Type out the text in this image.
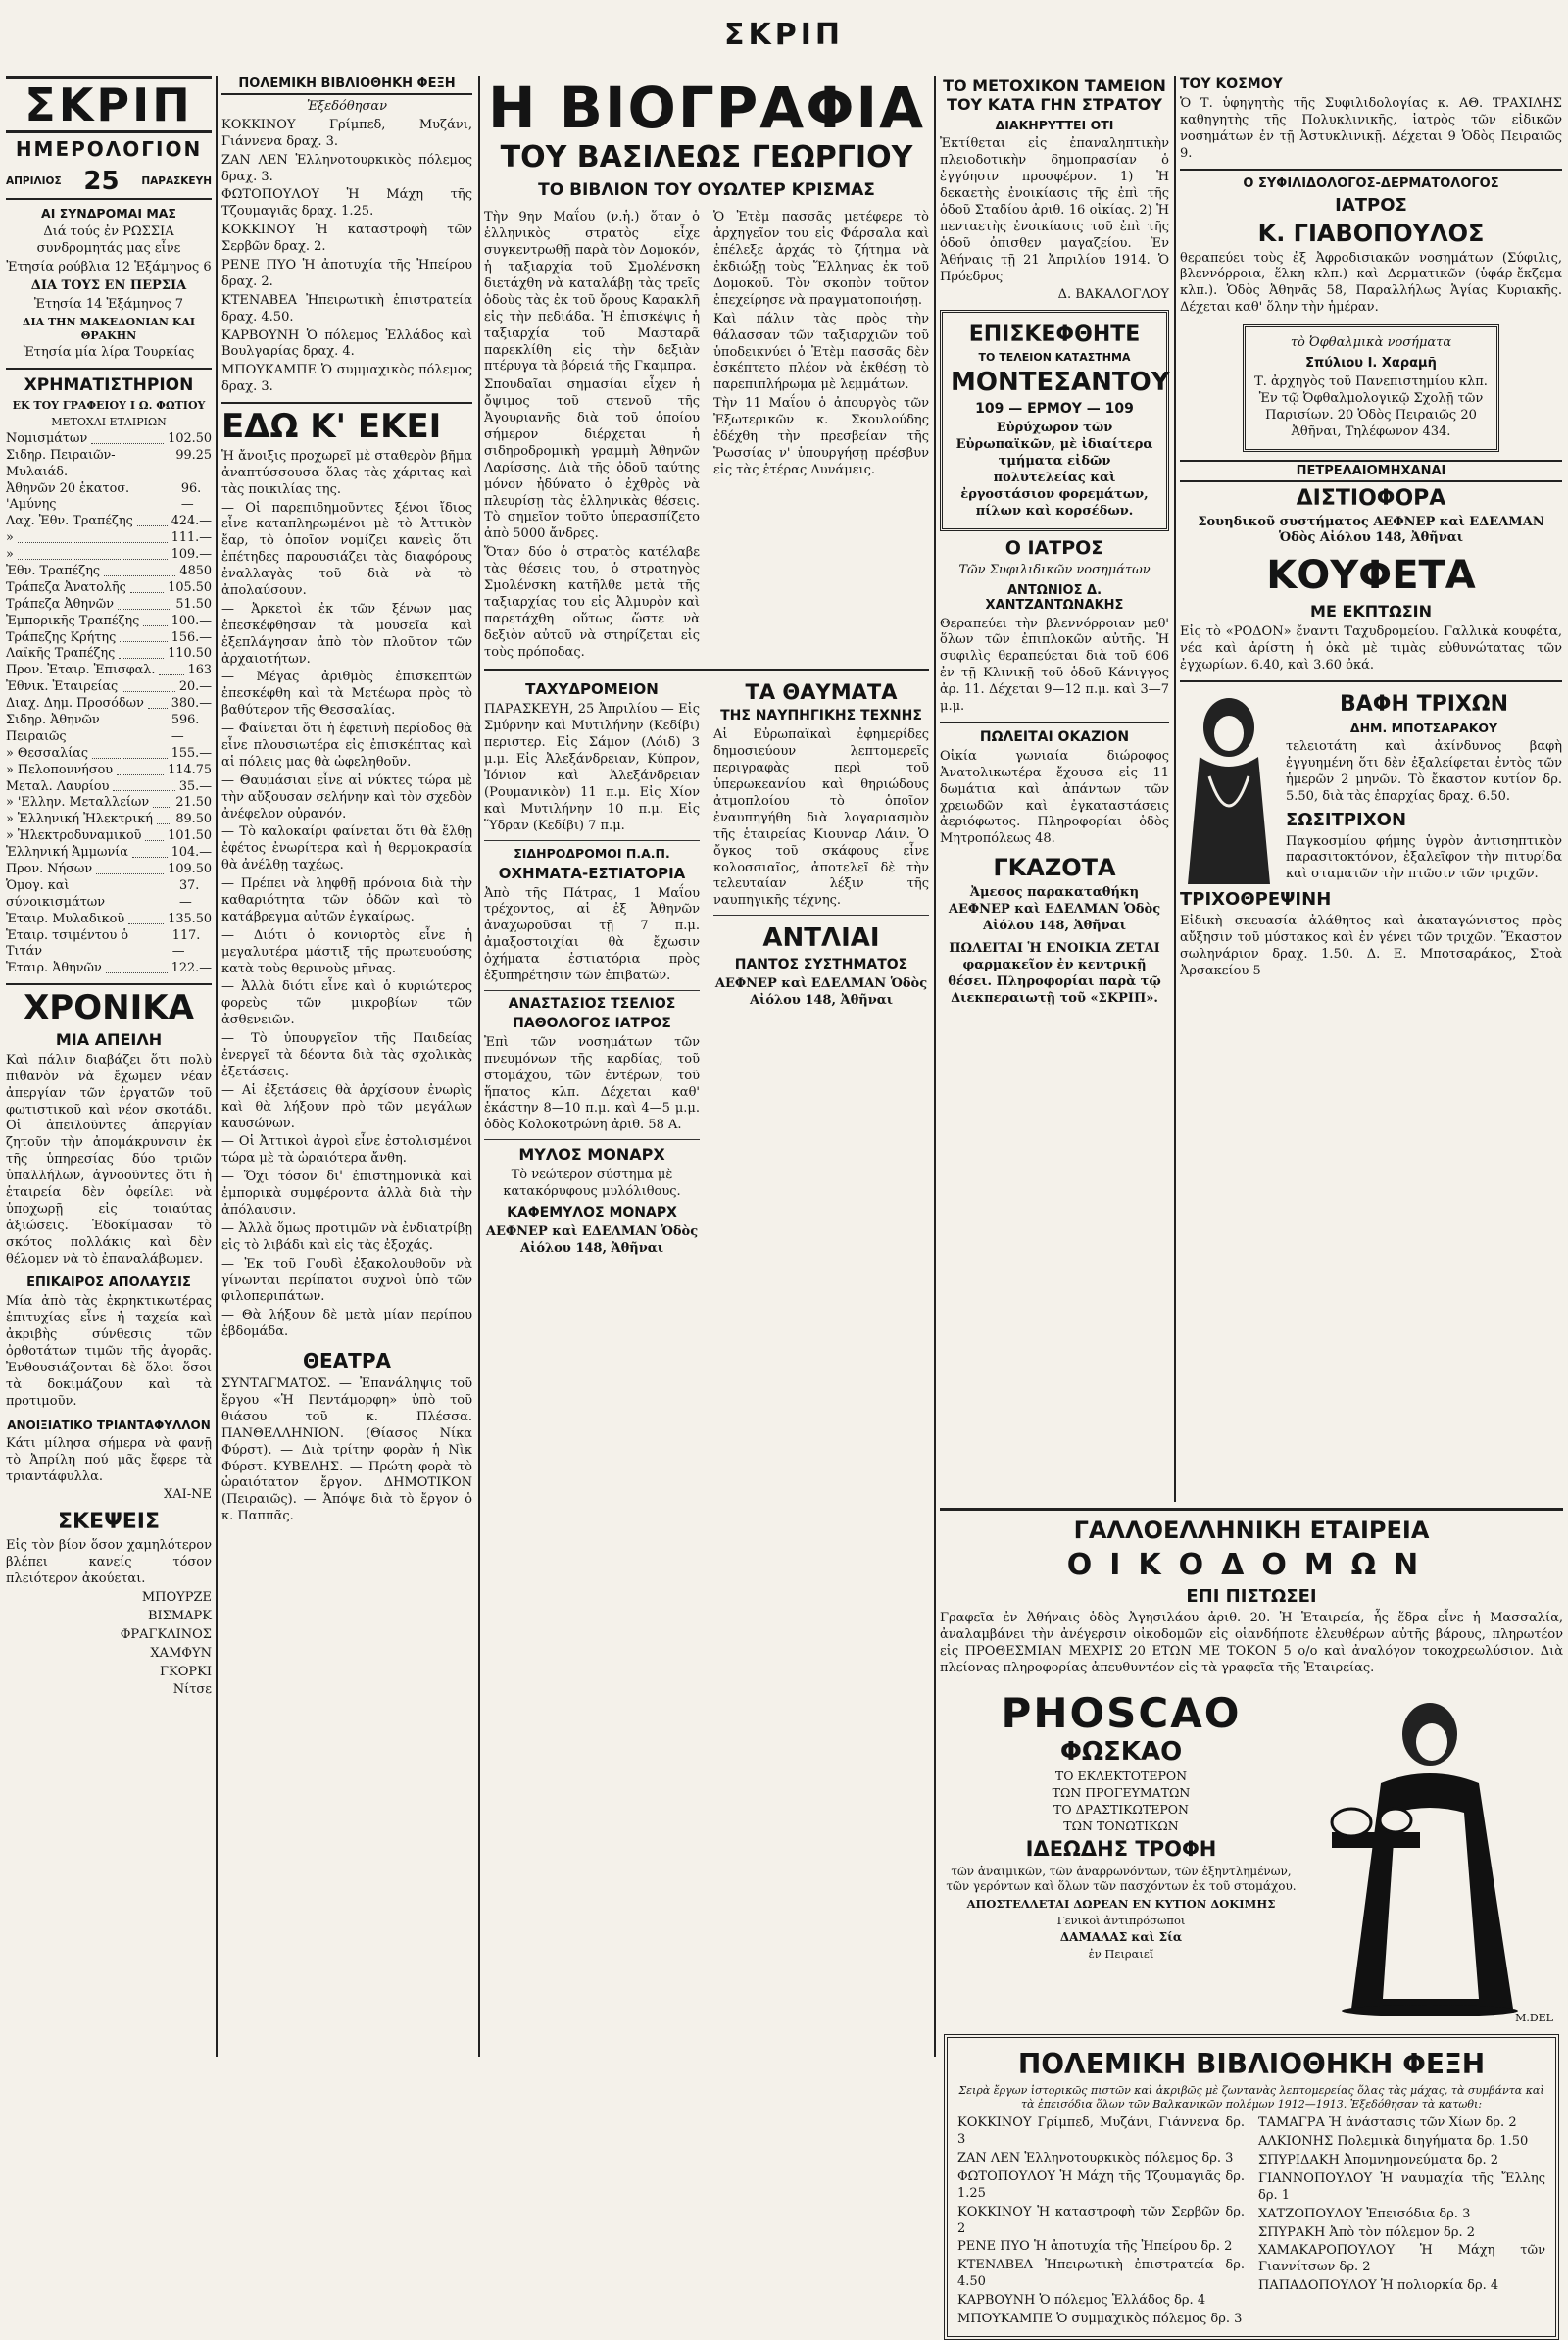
ΣΚΡΙΠ
ΣΚΡΙΠ
ΗΜΕΡΟΛΟΓΙΟΝ
ΑΠΡΙΛΙΟΣ 25 ΠΑΡΑΣΚΕΥΗ
ΑΙ ΣΥΝΔΡΟΜΑΙ ΜΑΣ
Διά τούς ἐν ΡΩΣΣΙΑ συνδρομητάς μας εἶνε
Ἐτησία ρούβλια 12 Ἑξάμηνος 6
ΔΙΑ ΤΟΥΣ ΕΝ ΠΕΡΣΙΑ
Ἐτησία 14 Ἑξάμηνος 7
ΔΙΑ ΤΗΝ ΜΑΚΕΔΟΝΙΑΝ ΚΑΙ ΘΡΑΚΗΝ
Ἐτησία μία λίρα Τουρκίας
ΧΡΗΜΑΤΙΣΤΗΡΙΟΝ
ΕΚ ΤΟΥ ΓΡΑΦΕΙΟΥ Ι Ω. ΦΩΤΙΟΥ
ΜΕΤΟΧΑΙ ΕΤΑΙΡΙΩΝ
Νομισμάτων	102.50
Σιδηρ. Πειραιῶν-Μυλαιάδ.
99.25
Ἀθηνῶν 20 ἑκατοσ. 'Αμύνης
96.—
Λαχ. Ἐθν. Τραπέζης	424.—
»	111.—
»	109.—
Ἐθν. Τραπέζης	4850
Τράπεζα Ἀνατολῆς	105.50
Τράπεζα Ἀθηνῶν	51.50
Ἐμπορικῆς Τραπέζης	100.—
Τράπεζης Κρήτης	156.—
Λαϊκῆς Τραπέζης	110.50
Προν. Ἐταιρ. Ἐπισφαλ.	163
Ἐθνικ. Ἐταιρείας	20.—
Διαχ. Δημ. Προσόδων 380.—
Σιδηρ. Ἀθηνῶν Πειραιῶς
596.—
» Θεσσαλίας	155.—
» Πελοποννήσου	114.75
Μεταλ. Λαυρίου	35.—
» 'Ελλην. Μεταλλείων 21.50
» Ἑλληνική Ἠλεκτρική 89.50
» Ἠλεκτροδυναμικοῦ 101.50
Ἑλληνική Ἀμμωνία	104.—
Προν. Νήσων	109.50
Ὁμογ. καὶ σύνοικισμάτων
37.—
Ἐταιρ. Μυλαδικοῦ	135.50
Ἑταιρ. τσιμέντου ὁ Τιτάν
117.—
Ἑταιρ. Ἀθηνῶν	122.—
ΧΡΟΝΙΚΑ
ΜΙΑ ΑΠΕΙΛΗ
Καὶ πάλιν διαβάζει ὅτι πολὺ πιθανὸν νὰ ἔχωμεν νέαν ἀπεργίαν τῶν ἐργατῶν τοῦ φωτιστικοῦ καὶ νέον σκοτάδι. Οἱ ἀπειλοῦντες ἀπεργίαν ζητοῦν τὴν ἀπομάκρυνσιν ἐκ τῆς ὑπηρεσίας δύο τριῶν ὑπαλλήλων, ἀγνοοῦντες ὅτι ἡ ἑταιρεία δὲν ὀφείλει νὰ ὑποχωρῇ εἰς τοιαύτας ἀξιώσεις. Ἐδοκίμασαν τὸ σκότος πολλάκις καὶ δὲν θέλομεν νὰ τὸ ἐπαναλάβωμεν.
ΕΠΙΚΑΙΡΟΣ ΑΠΟΛΑΥΣΙΣ
Μία ἀπὸ τὰς ἐκρηκτικωτέρας ἐπιτυχίας εἶνε ἡ ταχεία καὶ ἀκριβὴς σύνθεσις τῶν ὀρθοτάτων τιμῶν τῆς ἀγορᾶς. Ἐνθουσιάζονται δὲ ὅλοι ὅσοι τὰ δοκιμάζουν καὶ τὰ προτιμοῦν.
ΑΝΟΙΞΙΑΤΙΚΟ ΤΡΙΑΝΤΑΦΥΛΛΟΝ
Κάτι μίλησα σήμερα νὰ φανῇ τὸ Ἀπρίλη πού μᾶς ἔφερε τὰ τριαντάφυλλα.
ΧΑΙ-ΝΕ
ΣΚΕΨΕΙΣ
Εἰς τὸν βίον ὅσον χαμηλότερον βλέπει κανείς τόσον πλειότερον ἀκούεται.
ΜΠΟΥΡΖΕ
ΒΙΣΜΑΡΚ
ΦΡΑΓΚΛΙΝΟΣ
ΧΑΜΦΥΝ
ΓΚΟΡΚΙ
Νίτσε
ΠΟΛΕΜΙΚΗ ΒΙΒΛΙΟΘΗΚΗ ΦΕΞΗ
Ἐξεδόθησαν
ΚΟΚΚΙΝΟΥ Γρίμπεδ, Μυζάνι, Γιάννενα δραχ. 3.
ΖΑΝ ΛΕΝ Ἑλληνοτουρκικὸς πόλεμος δραχ. 3.
ΦΩΤΟΠΟΥΛΟΥ Ἡ Μάχη τῆς Τζουμαγιᾶς δραχ. 1.25.
ΚΟΚΚΙΝΟΥ Ἡ καταστροφὴ τῶν Σερβῶν δραχ. 2.
ΡΕΝΕ ΠΥΟ Ἡ ἀποτυχία τῆς Ἠπείρου δραχ. 2.
ΚΤΕΝΑΒΕΑ Ἠπειρωτικὴ ἐπιστρατεία δραχ. 4.50.
ΚΑΡΒΟΥΝΗ Ὁ πόλεμος Ἑλλάδος καὶ Βουλγαρίας δραχ. 4.
ΜΠΟΥΚΑΜΠΕ Ὁ συμμαχικὸς πόλεμος δραχ. 3.
ΕΔΩ Κ' ΕΚΕΙ
Ἡ ἄνοιξις προχωρεῖ μὲ σταθερὸν βῆμα ἀναπτύσσουσα ὅλας τὰς χάριτας καὶ τὰς ποικιλίας της.
— Οἱ παρεπιδημοῦντες ξένοι ἴδιος εἶνε καταπληρωμένοι μὲ τὸ Ἀττικὸν ἔαρ, τὸ ὁποῖον νομίζει κανεὶς ὅτι ἐπέτηδες παρουσιάζει τὰς διαφόρους ἐναλλαγὰς τοῦ διὰ νὰ τὸ ἀπολαύσουν.
— Ἀρκετοὶ ἐκ τῶν ξένων μας ἐπεσκέφθησαν τὰ μουσεῖα καὶ ἐξεπλάγησαν ἀπὸ τὸν πλοῦτον τῶν ἀρχαιοτήτων.
— Μέγας ἀριθμὸς ἐπισκεπτῶν ἐπεσκέφθη καὶ τὰ Μετέωρα πρὸς τὸ βαθύτερον τῆς Θεσσαλίας.
— Φαίνεται ὅτι ἡ ἐφετινὴ περίοδος θὰ εἶνε πλουσιωτέρα εἰς ἐπισκέπτας καὶ αἱ πόλεις μας θὰ ὠφεληθοῦν.
— Θαυμάσιαι εἶνε αἱ νύκτες τώρα μὲ τὴν αὔξουσαν σελήνην καὶ τὸν σχεδὸν ἀνέφελον οὐρανόν.
— Τὸ καλοκαίρι φαίνεται ὅτι θὰ ἔλθῃ ἐφέτος ἐνωρίτερα καὶ ἡ θερμοκρασία θὰ ἀνέλθῃ ταχέως.
— Πρέπει νὰ ληφθῇ πρόνοια διὰ τὴν καθαριότητα τῶν ὁδῶν καὶ τὸ κατάβρεγμα αὐτῶν ἐγκαίρως.
— Διότι ὁ κονιορτὸς εἶνε ἡ μεγαλυτέρα μάστιξ τῆς πρωτευούσης κατὰ τοὺς θερινοὺς μῆνας.
— Ἀλλὰ διότι εἶνε καὶ ὁ κυριώτερος φορεὺς τῶν μικροβίων τῶν ἀσθενειῶν.
— Τὸ ὑπουργεῖον τῆς Παιδείας ἐνεργεῖ τὰ δέοντα διὰ τὰς σχολικὰς ἐξετάσεις.
— Αἱ ἐξετάσεις θὰ ἀρχίσουν ἐνωρὶς καὶ θὰ λήξουν πρὸ τῶν μεγάλων καυσώνων.
— Οἱ Ἀττικοὶ ἀγροὶ εἶνε ἐστολισμένοι τώρα μὲ τὰ ὡραιότερα ἄνθη.
— Ὅχι τόσον δι' ἐπιστημονικὰ καὶ ἐμπορικὰ συμφέροντα ἀλλὰ διὰ τὴν ἀπόλαυσιν.
— Ἀλλὰ ὅμως προτιμῶν νὰ ἐνδιατρίβῃ εἰς τὸ λιβάδι καὶ εἰς τὰς ἐξοχάς.
— Ἐκ τοῦ Γουδὶ ἐξακολουθοῦν νὰ γίνωνται περίπατοι συχνοὶ ὑπὸ τῶν φιλοπεριπάτων.
— Θὰ λήξουν δὲ μετὰ μίαν περίπου ἑβδομάδα.
ΘΕΑΤΡΑ
ΣΥΝΤΑΓΜΑΤΟΣ. — Ἐπανάληψις τοῦ ἔργου «Ἡ Πεντάμορφη» ὑπὸ τοῦ θιάσου τοῦ κ. Πλέσσα. ΠΑΝΘΕΛΛΗΝΙΟΝ. (Θίασος Νίκα Φύρστ). — Διὰ τρίτην φορὰν ἡ Νὶκ Φύρστ. ΚΥΒΕΛΗΣ. — Πρώτη φορὰ τὸ ὡραιότατον ἔργον. ΔΗΜΟΤΙΚΟΝ (Πειραιῶς). — Ἀπόψε διὰ τὸ ἔργον ὁ κ. Παππᾶς.
Η ΒΙΟΓΡΑΦΙΑ
ΤΟΥ ΒΑΣΙΛΕΩΣ ΓΕΩΡΓΙΟΥ
ΤΟ ΒΙΒΛΙΟΝ ΤΟΥ ΟΥΩΛΤΕΡ ΚΡΙΣΜΑΣ
Τὴν 9ην Μαΐου (ν.ἡ.) ὅταν ὁ ἑλληνικὸς στρατὸς εἶχε συγκεντρωθῇ παρὰ τὸν Δομοκόν, ἡ ταξιαρχία τοῦ Σμολένσκη διετάχθη νὰ καταλάβῃ τὰς τρεῖς ὁδοὺς τὰς ἐκ τοῦ ὄρους Καρακλῆ εἰς τὴν πεδιάδα. Ἡ ἐπισκέψις ἡ ταξιαρχία τοῦ Μασταρᾶ παρεκλίθη εἰς τὴν δεξιὰν πτέρυγα τὰ βόρειά τῆς Γκαμπρα.
Σπουδαῖαι σημασίαι εἶχεν ἡ ὄψιμος τοῦ στενοῦ τῆς Ἀγουριανῆς διὰ τοῦ ὁποίου σήμερον διέρχεται ἡ σιδηροδρομικὴ γραμμὴ Ἀθηνῶν Λαρίσσης. Διὰ τῆς ὁδοῦ ταύτης μόνον ἠδύνατο ὁ ἐχθρὸς νὰ πλευρίσῃ τὰς ἑλληνικὰς θέσεις. Τὸ σημεῖον τοῦτο ὑπερασπίζετο ἀπὸ 5000 ἄνδρες.
Ὅταν δύο ὁ στρατὸς κατέλαβε τὰς θέσεις του, ὁ στρατηγὸς Σμολένσκη κατῆλθε μετὰ τῆς ταξιαρχίας του εἰς Ἀλμυρὸν καὶ παρετάχθη οὕτως ὥστε νὰ δεξιὸν αὐτοῦ νὰ στηρίζεται εἰς τοὺς πρόποδας.
Ὁ Ἐτὲμ πασσᾶς μετέφερε τὸ ἀρχηγεῖον του εἰς Φάρσαλα καὶ ἐπέλεξε ἀρχάς τὸ ζήτημα νὰ ἐκδιώξῃ τοὺς Ἕλληνας ἐκ τοῦ Δομοκοῦ. Τὸν σκοπὸν τοῦτον ἐπεχείρησε νὰ πραγματοποιήσῃ.
Καὶ πάλιν τὰς πρὸς τὴν θάλασσαν τῶν ταξιαρχιῶν τοῦ ὑποδεικνύει ὁ Ἐτὲμ πασσᾶς δὲν ἐσκέπτετο πλέον νὰ ἐκθέσῃ τὸ παρεπιπλήρωμα μὲ λεμμάτων.
Τὴν 11 Μαΐου ὁ ἀπουργὸς τῶν Ἐξωτερικῶν κ. Σκουλούδης ἐδέχθη τὴν πρεσβείαν τῆς Ῥωσσίας ν' ὑπουργήσῃ πρέσβυν εἰς τὰς ἑτέρας Δυνάμεις.
ΤΑΧΥΔΡΟΜΕΙΟΝ
ΠΑΡΑΣΚΕΥΗ, 25 Ἀπριλίου — Εἰς Σμύρνην καὶ Μυτιλήνην (Κεδίβι) περιστερ. Εἰς Σάμον (Λόιδ) 3 μ.μ. Εἰς Ἀλεξάνδρειαν, Κύπρον, Ἰόνιον καὶ Ἀλεξάνδρειαν (Ρουμανικὸν) 11 π.μ. Εἰς Χίον καὶ Μυτιλήνην 10 π.μ. Εἰς Ὕδραν (Κεδίβι) 7 π.μ.
ΣΙΔΗΡΟΔΡΟΜΟΙ Π.Α.Π.
ΟΧΗΜΑΤΑ-ΕΣΤΙΑΤΟΡΙΑ
Ἀπὸ τῆς Πάτρας, 1 Μαΐου τρέχοντος, αἱ ἐξ Ἀθηνῶν ἀναχωροῦσαι τῇ 7 π.μ. ἀμαξοστοιχίαι θὰ ἔχωσιν ὀχήματα ἑστιατόρια πρὸς ἐξυπηρέτησιν τῶν ἐπιβατῶν.
ΑΝΑΣΤΑΣΙΟΣ ΤΣΕΛΙΟΣ
ΠΑΘΟΛΟΓΟΣ ΙΑΤΡΟΣ
Ἐπὶ τῶν νοσημάτων τῶν πνευμόνων τῆς καρδίας, τοῦ στομάχου, τῶν ἐντέρων, τοῦ ἥπατος κλπ. Δέχεται καθ' ἑκάστην 8—10 π.μ. καὶ 4—5 μ.μ. ὁδὸς Κολοκοτρώνη ἀριθ. 58 Α.
ΜΥΛΟΣ ΜΟΝΑΡΧ
Τὸ νεώτερον σύστημα μὲ κατακόρυφους μυλόλιθους.
ΚΑΦΕΜΥΛΟΣ ΜΟΝΑΡΧ
ΑΕΦΝΕΡ καὶ ΕΔΕΛΜΑΝ Ὁδὸς Αἰόλου 148, Ἀθῆναι
ΤΑ ΘΑΥΜΑΤΑ
ΤΗΣ ΝΑΥΠΗΓΙΚΗΣ ΤΕΧΝΗΣ
Αἱ Εὐρωπαϊκαὶ ἐφημερίδες δημοσιεύουν λεπτομερεῖς περιγραφὰς περὶ τοῦ ὑπερωκεανίου καὶ θηριώδους ἀτμοπλοίου τὸ ὁποῖον ἐναυπηγήθη διὰ λογαριασμὸν τῆς ἑταιρείας Κιουναρ Λάιν. Ὁ ὄγκος τοῦ σκάφους εἶνε κολοσσιαῖος, ἀποτελεῖ δὲ τὴν τελευταίαν λέξιν τῆς ναυπηγικῆς τέχνης.
ΑΝΤΛΙΑΙ
ΠΑΝΤΟΣ ΣΥΣΤΗΜΑΤΟΣ
ΑΕΦΝΕΡ καὶ ΕΔΕΛΜΑΝ Ὁδὸς Αἰόλου 148, Ἀθῆναι
ΤΟ ΜΕΤΟΧΙΚΟΝ ΤΑΜΕΙΟΝ ΤΟΥ ΚΑΤΑ ΓΗΝ ΣΤΡΑΤΟΥ
ΔΙΑΚΗΡΥΤΤΕΙ ΟΤΙ
Ἐκτίθεται εἰς ἐπαναληπτικὴν πλειοδοτικὴν δημοπρασίαν ὁ ἐγγύησιν προσφέρον. 1) Ἡ δεκαετὴς ἐνοικίασις τῆς ἐπὶ τῆς ὁδοῦ Σταδίου ἀριθ. 16 οἰκίας. 2) Ἡ πενταετὴς ἐνοικίασις τοῦ ἐπὶ τῆς ὁδοῦ ὀπισθεν μαγαζείου. Ἐν Ἀθήναις τῇ 21 Ἀπριλίου 1914. Ὁ Πρόεδρος
Δ. ΒΑΚΑΛΟΓΛΟΥ
ΕΠΙΣΚΕΦΘΗΤΕ
ΤΟ ΤΕΛΕΙΟΝ ΚΑΤΑΣΤΗΜΑ
ΜΟΝΤΕΣΑΝΤΟΥ
109 — ΕΡΜΟΥ — 109
Εὐρύχωρον τῶν Εὐρωπαϊκῶν, μὲ ἰδιαίτερα τμήματα εἰδῶν πολυτελείας καὶ ἐργοστάσιον φορεμάτων, πίλων καὶ κορσέδων.
Ο ΙΑΤΡΟΣ
Τῶν Συφιλιδικῶν νοσημάτων
ΑΝΤΩΝΙΟΣ Δ. ΧΑΝΤΖΑΝΤΩΝΑΚΗΣ
Θεραπεύει τὴν βλεννόρροιαν μεθ' ὅλων τῶν ἐπιπλοκῶν αὐτῆς. Ἡ συφιλὶς θεραπεύεται διὰ τοῦ 606 ἐν τῇ Κλινικῇ τοῦ ὁδοῦ Κάνιγγος ἀρ. 11. Δέχεται 9—12 π.μ. καὶ 3—7 μ.μ.
ΠΩΛΕΙΤΑΙ ΟΚΑΖΙΟΝ
Οἰκία γωνιαία διώροφος Ἀνατολικωτέρα ἔχουσα εἰς 11 δωμάτια καὶ ἀπάντων τῶν χρειωδῶν καὶ ἐγκαταστάσεις ἀεριόφωτος. Πληροφορίαι ὁδὸς Μητροπόλεως 48.
ΓΚΑΖΟΤΑ
Ἀμεσος παρακαταθήκη ΑΕΦΝΕΡ καὶ ΕΔΕΛΜΑΝ Ὁδὸς Αἰόλου 148, Ἀθῆναι
ΠΩΛΕΙΤΑΙ Ἡ ΕΝΟΙΚΙΑ ΖΕΤΑΙ φαρμακεῖον ἐν κεντρικῇ θέσει. Πληροφορίαι παρὰ τῷ Διεκπεραιωτῇ τοῦ «ΣΚΡΙΠ».
ΤΟΥ ΚΟΣΜΟΥ
Ὁ Τ. ὑφηγητὴς τῆς Συφιλιδολογίας κ. ΑΘ. ΤΡΑΧΙΛΗΣ καθηγητὴς τῆς Πολυκλινικῆς, ἰατρὸς τῶν εἰδικῶν νοσημάτων ἐν τῇ Ἀστυκλινικῇ. Δέχεται 9 Ὁδὸς Πειραιῶς 9.
Ο ΣΥΦΙΛΙΔΟΛΟΓΟΣ-ΔΕΡΜΑΤΟΛΟΓΟΣ
ΙΑΤΡΟΣ
Κ. ΓΙΑΒΟΠΟΥΛΟΣ
θεραπεύει τοὺς ἐξ Ἀφροδισιακῶν νοσημάτων (Σύφιλις, βλεννόρροια, ἕλκη κλπ.) καὶ Δερματικῶν (ὑφάρ-ἔκζεμα κλπ.). Ὁδὸς Ἀθηνᾶς 58, Παραλλήλως Ἁγίας Κυριακῆς. Δέχεται καθ' ὅλην τὴν ἡμέραν.
τὸ Ὀφθαλμικὰ νοσήματα
Σπύλιου Ι. Χαραμῆ
Τ. ἀρχηγὸς τοῦ Πανεπιστημίου κλπ. Ἐν τῷ Ὀφθαλμολογικῷ Σχολῇ τῶν Παρισίων. 20 Ὁδὸς Πειραιῶς 20 Ἀθῆναι, Τηλέφωνον 434.
ΠΕΤΡΕΛΑΙΟΜΗΧΑΝΑΙ
ΔΙΣΤΙΟΦΟΡΑ
Σουηδικοῦ συστήματος ΑΕΦΝΕΡ καὶ ΕΔΕΛΜΑΝ Ὁδὸς Αἰόλου 148, Ἀθῆναι
ΚΟΥΦΕΤΑ
ΜΕ ΕΚΠΤΩΣΙΝ
Εἰς τὸ «ΡΟΔΟΝ» ἔναντι Ταχυδρομείου. Γαλλικὰ κουφέτα, νέα καὶ ἀρίστη ἡ ὀκὰ μὲ τιμὰς εὐθυνώτατας τῶν ἐγχωρίων. 6.40, καὶ 3.60 ὀκά.
ΒΑΦΗ ΤΡΙΧΩΝ
ΔΗΜ. ΜΠΟΤΣΑΡΑΚΟΥ
τελειοτάτη καὶ ἀκίνδυνος βαφὴ ἐγγυημένη ὅτι δὲν ἐξαλείφεται ἐντὸς τῶν ἡμερῶν 2 μηνῶν. Τὸ ἔκαστον κυτίον δρ. 5.50, διὰ τὰς ἐπαρχίας δραχ. 6.50.
ΣΩΣΙΤΡΙΧΟΝ
Παγκοσμίου φήμης ὑγρὸν ἀντισηπτικὸν παρασιτοκτόνον, ἐξαλεῖφον τὴν πιτυρίδα καὶ σταματῶν τὴν πτῶσιν τῶν τριχῶν.
ΤΡΙΧΟΘΡΕΨΙΝΗ
Εἰδικὴ σκευασία ἀλάθητος καὶ ἀκαταγώνιστος πρὸς αὔξησιν τοῦ μύστακος καὶ ἐν γένει τῶν τριχῶν. Ἕκαστον σωληνάριον δραχ. 1.50. Δ. Ε. Μποτσαράκος, Στοὰ Ἀρσακείου 5
ΓΑΛΛΟΕΛΛΗΝΙΚΗ ΕΤΑΙΡΕΙΑ
ΟΙΚΟΔΟΜΩΝ
ΕΠΙ ΠΙΣΤΩΣΕΙ
Γραφεῖα ἐν Ἀθήναις ὁδὸς Ἀγησιλάου ἀριθ. 20. Ἡ Ἑταιρεία, ἧς ἕδρα εἶνε ἡ Μασσαλία, ἀναλαμβάνει τὴν ἀνέγερσιν οἰκοδομῶν εἰς οἱανδήποτε ἐλευθέρων αὐτῆς βάρους, πληρωτέον εἰς ΠΡΟΘΕΣΜΙΑΝ ΜΕΧΡΙΣ 20 ΕΤΩΝ ΜΕ ΤΟΚΟΝ 5 ο/ο καὶ ἀναλόγον τοκοχρεωλύσιον. Διὰ πλείονας πληροφορίας ἀπευθυντέον εἰς τὰ γραφεῖα τῆς Ἑταιρείας.
PHOSCAO
ΦΩΣΚΑΟ
ΤΟ ΕΚΛΕΚΤΟΤΕΡΟΝ
ΤΩΝ ΠΡΟΓΕΥΜΑΤΩΝ
ΤΟ ΔΡΑΣΤΙΚΩΤΕΡΟΝ
ΤΩΝ ΤΟΝΩΤΙΚΩΝ
ΙΔΕΩΔΗΣ ΤΡΟΦΗ
τῶν ἀναιμικῶν, τῶν ἀναρρωνόντων, τῶν ἐξηντλημένων, τῶν γερόντων καὶ ὅλων τῶν πασχόντων ἐκ τοῦ στομάχου.
ΑΠΟΣΤΕΛΛΕΤΑΙ ΔΩΡΕΑΝ ΕΝ ΚΥΤΙΟΝ ΔΟΚΙΜΗΣ
Γενικοὶ ἀντιπρόσωποι
ΔΑΜΑΛΑΣ καὶ Σία
ἐν Πειραιεῖ
M.DEL
ΠΟΛΕΜΙΚΗ ΒΙΒΛΙΟΘΗΚΗ ΦΕΞΗ
Σειρὰ ἔργων ἱστορικῶς πιστῶν καὶ ἀκριβῶς μὲ ζωντανὰς λεπτομερείας ὅλας τὰς μάχας, τὰ συμβάντα καὶ τὰ ἐπεισόδια ὅλων τῶν Βαλκανικῶν πολέμων 1912—1913. Ἐξεδόθησαν τὰ κατωθι:
ΚΟΚΚΙΝΟΥ Γρίμπεδ, Μυζάνι, Γιάννενα δρ. 3
ΖΑΝ ΛΕΝ Ἑλληνοτουρκικὸς πόλεμος δρ. 3
ΦΩΤΟΠΟΥΛΟΥ Ἡ Μάχη τῆς Τζουμαγιᾶς δρ. 1.25
ΚΟΚΚΙΝΟΥ Ἡ καταστροφὴ τῶν Σερβῶν δρ. 2
ΡΕΝΕ ΠΥΟ Ἡ ἀποτυχία τῆς Ἠπείρου δρ. 2
ΚΤΕΝΑΒΕΑ Ἠπειρωτικὴ ἐπιστρατεία δρ. 4.50
ΚΑΡΒΟΥΝΗ Ὁ πόλεμος Ἑλλάδος δρ. 4
ΜΠΟΥΚΑΜΠΕ Ὁ συμμαχικὸς πόλεμος δρ. 3
ΤΑΜΑΓΡΑ Ἡ ἀνάστασις τῶν Χίων δρ. 2
ΑΛΚΙΟΝΗΣ Πολεμικὰ διηγήματα δρ. 1.50
ΣΠΥΡΙΔΑΚΗ Ἀπομνημονεύματα δρ. 2
ΓΙΑΝΝΟΠΟΥΛΟΥ Ἡ ναυμαχία τῆς Ἔλλης δρ. 1
ΧΑΤΖΟΠΟΥΛΟΥ Ἐπεισόδια δρ. 3
ΣΠΥΡΑΚΗ Ἀπὸ τὸν πόλεμον δρ. 2
ΧΑΜΑΚΑΡΟΠΟΥΛΟΥ Ἡ Μάχη τῶν Γιαννίτσων δρ. 2
ΠΑΠΑΔΟΠΟΥΛΟΥ Ἡ πολιορκία δρ. 4
